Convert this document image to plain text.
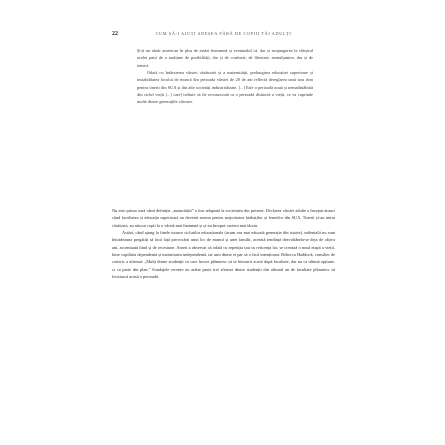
22	CUM SĂ-I AJUȚI ADESEA FĂRĂ DE COPIII TĂI ADULȚI

Și-ți un tânăr american în plus de astăzi înseamnă și eventualul că, dar și neajungerea la sfârșitul acelei părți de o mulțime de posibilități, dar și de confuzie, de libertate, nemulțumire, dar și de temeri.

Odată cu întârzierea vârstei căsătoriei și a maternității, prelungirea educației superioare și instabilitatea locului de muncă din perioada vârstei de 20 de ani reflectă dereglarea unui nou ritm pentru tinerii din SUA și din alte societăți industrializate. [...] Este o perioadă nouă și nemaiîntâlnită din ciclul vieții [...] care] trebuie să fie recunoscută ca o perioadă distinctă a vieții, ce va cuprinde multe dintre generațiile viitoare.

Nu este prima oară când definiția „maturității" a fost adaptată la societatea din prezent. Declarea vârstei adulte a început atunci când facultatea și educația superioară au devenit norma pentru majoritatea bărbaților și femeilor din SUA. Tinerii și-au intrat căsătoria, au născut copii la o vârstă mai înaintată și și-au început cariera mai târziu.

Astăzi, când ajung la finele tuturor ciclurilor educaționale (acum cea mai educată generație din istorie), milenialii nu sunt întotdeauna pregătiți să facă față provocării unui loc de muncă și unei familii, această tendință dezvoltându-se deja de câțiva ani, accentuată fiind și de recesiune. Arnett a observat că odată cu repetiția sau cu reticența lor, se creează o nouă etapă a vieții, între copilăria dependentă și maturitatea independentă, iar unii dintre ei par să o facă intenționat. Rebecca Haddock, consilier de carieră, a afirmat: „Mulți dintre studenții cu care lucrez plănuiesc să se întoarcă acasă după facultate, dar nu ca ultimă opțiune, ci ca parte din plan." Sondajele recente au arătat peste trei sferturi dintre studenții din ultimul an de facultate plănuiesc să locuiască acasă o perioadă.
